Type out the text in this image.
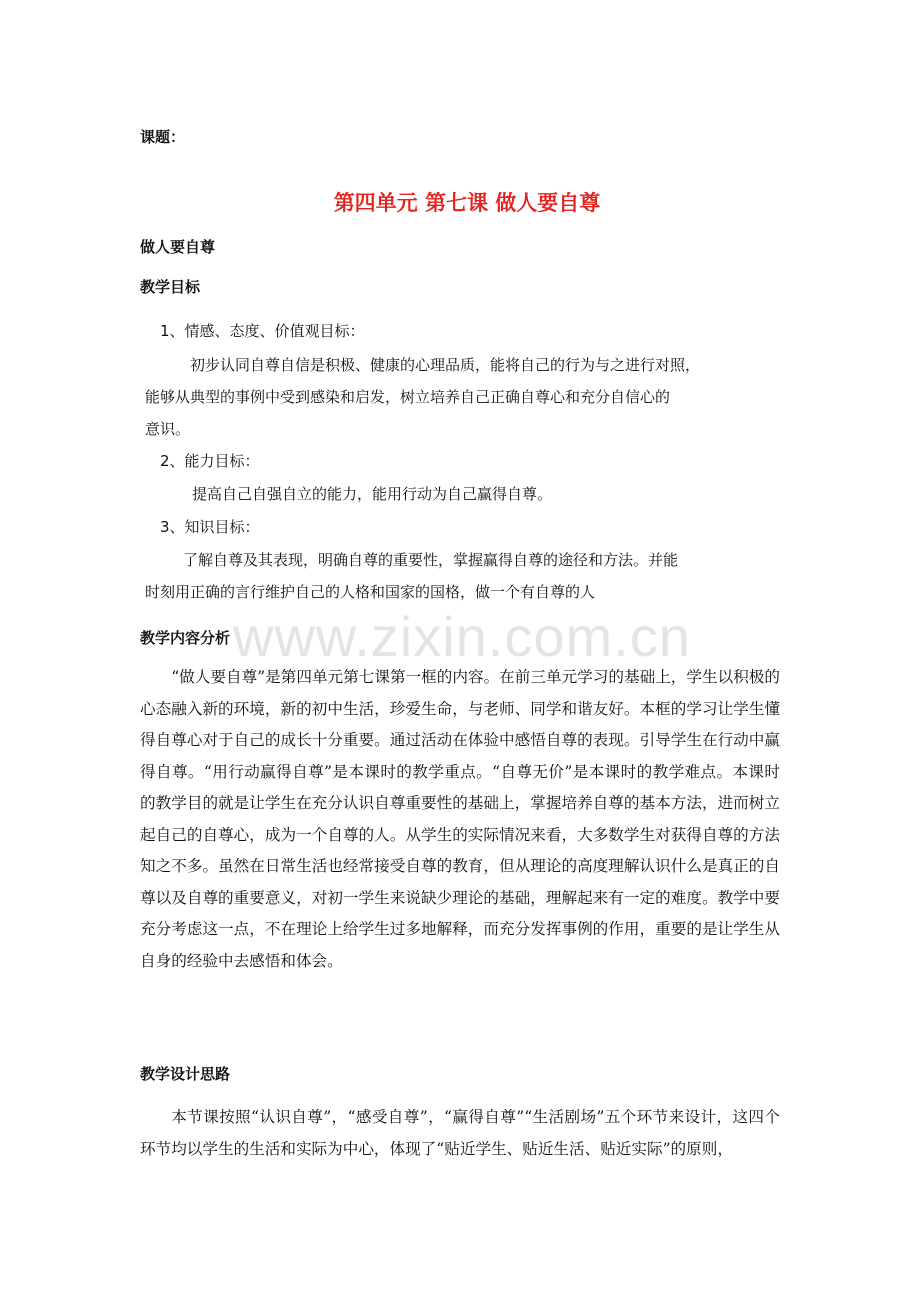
www.zixin.com.cn
课题：
第四单元 第七课 做人要自尊
做人要自尊
教学目标
1、情感、态度、价值观目标：
初步认同自尊自信是积极、健康的心理品质，能将自己的行为与之进行对照，
能够从典型的事例中受到感染和启发，树立培养自己正确自尊心和充分自信心的
意识。
2、能力目标：
提高自己自强自立的能力，能用行动为自己赢得自尊。
3、知识目标：
了解自尊及其表现，明确自尊的重要性，掌握赢得自尊的途径和方法。并能
时刻用正确的言行维护自己的人格和国家的国格，做一个有自尊的人
教学内容分析

“做人要自尊”是第四单元第七课第一框的内容。在前三单元学习的基础上，学生以积极的心态融入新的环境，新的初中生活，珍爱生命，与老师、同学和谐友好。本框的学习让学生懂得自尊心对于自己的成长十分重要。通过活动在体验中感悟自尊的表现。引导学生在行动中赢得自尊。“用行动赢得自尊”是本课时的教学重点。“自尊无价”是本课时的教学难点。本课时的教学目的就是让学生在充分认识自尊重要性的基础上，掌握培养自尊的基本方法，进而树立起自己的自尊心，成为一个自尊的人。从学生的实际情况来看，大多数学生对获得自尊的方法知之不多。虽然在日常生活也经常接受自尊的教育，但从理论的高度理解认识什么是真正的自尊以及自尊的重要意义，对初一学生来说缺少理论的基础，理解起来有一定的难度。教学中要充分考虑这一点，不在理论上给学生过多地解释，而充分发挥事例的作用，重要的是让学生从自身的经验中去感悟和体会。

教学设计思路

本节课按照“认识自尊”，“感受自尊”，“赢得自尊”“生活剧场”五个环节来设计，这四个环节均以学生的生活和实际为中心，体现了“贴近学生、贴近生活、贴近实际”的原则，
